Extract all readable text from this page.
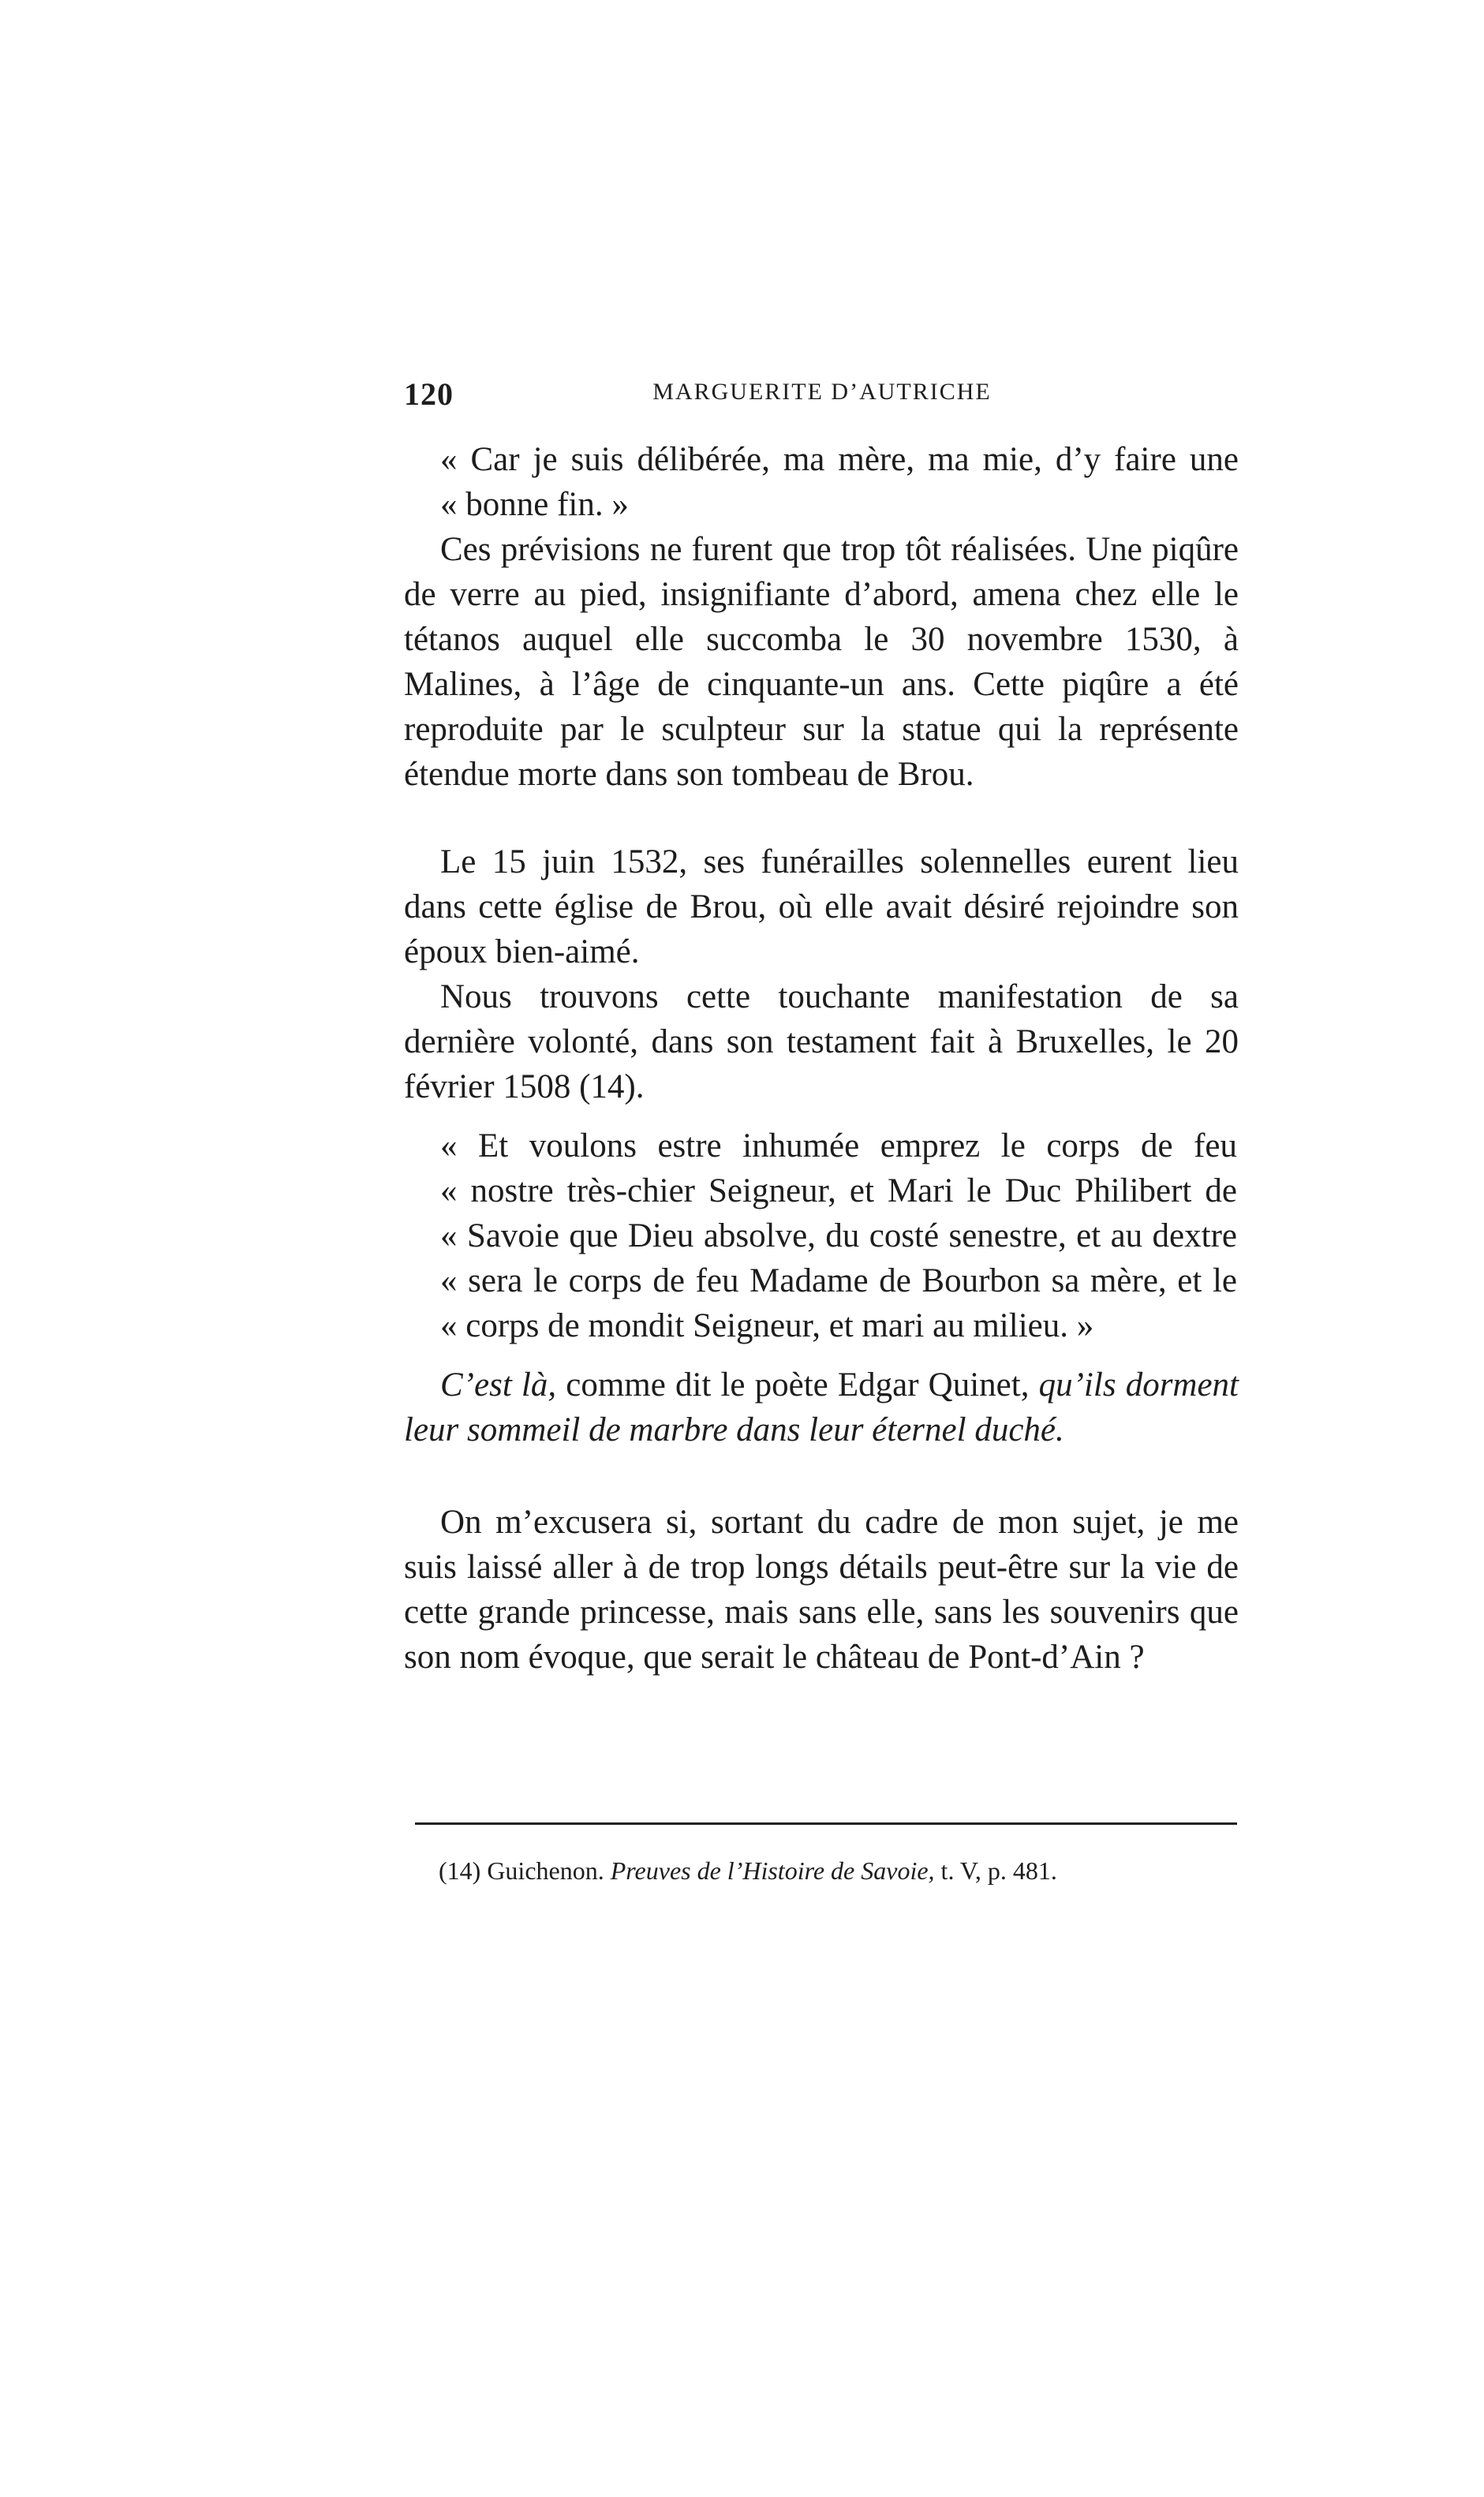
120	MARGUERITE D’AUTRICHE
« Car je suis délibérée, ma mère, ma mie, d’y faire une
« bonne fin. »

Ces prévisions ne furent que trop tôt réalisées. Une piqûre de verre au pied, insignifiante d’abord, amena chez elle le tétanos auquel elle succomba le 30 novembre 1530, à Malines, à l’âge de cinquante-un ans. Cette piqûre a été reproduite par le sculpteur sur la statue qui la représente étendue morte dans son tombeau de Brou.

Le 15 juin 1532, ses funérailles solennelles eurent lieu dans cette église de Brou, où elle avait désiré rejoindre son époux bien-aimé.

Nous trouvons cette touchante manifestation de sa dernière volonté, dans son testament fait à Bruxelles, le 20 février 1508 (14).

« Et voulons estre inhumée emprez le corps de feu
« nostre très-chier Seigneur, et Mari le Duc Philibert de
« Savoie que Dieu absolve, du costé senestre, et au dextre
« sera le corps de feu Madame de Bourbon sa mère, et le
« corps de mondit Seigneur, et mari au milieu. »

C’est là, comme dit le poète Edgar Quinet, qu’ils dorment leur sommeil de marbre dans leur éternel duché.

On m’excusera si, sortant du cadre de mon sujet, je me suis laissé aller à de trop longs détails peut-être sur la vie de cette grande princesse, mais sans elle, sans les souvenirs que son nom évoque, que serait le château de Pont-d’Ain ?

(14) Guichenon. Preuves de l’Histoire de Savoie, t. V, p. 481.
